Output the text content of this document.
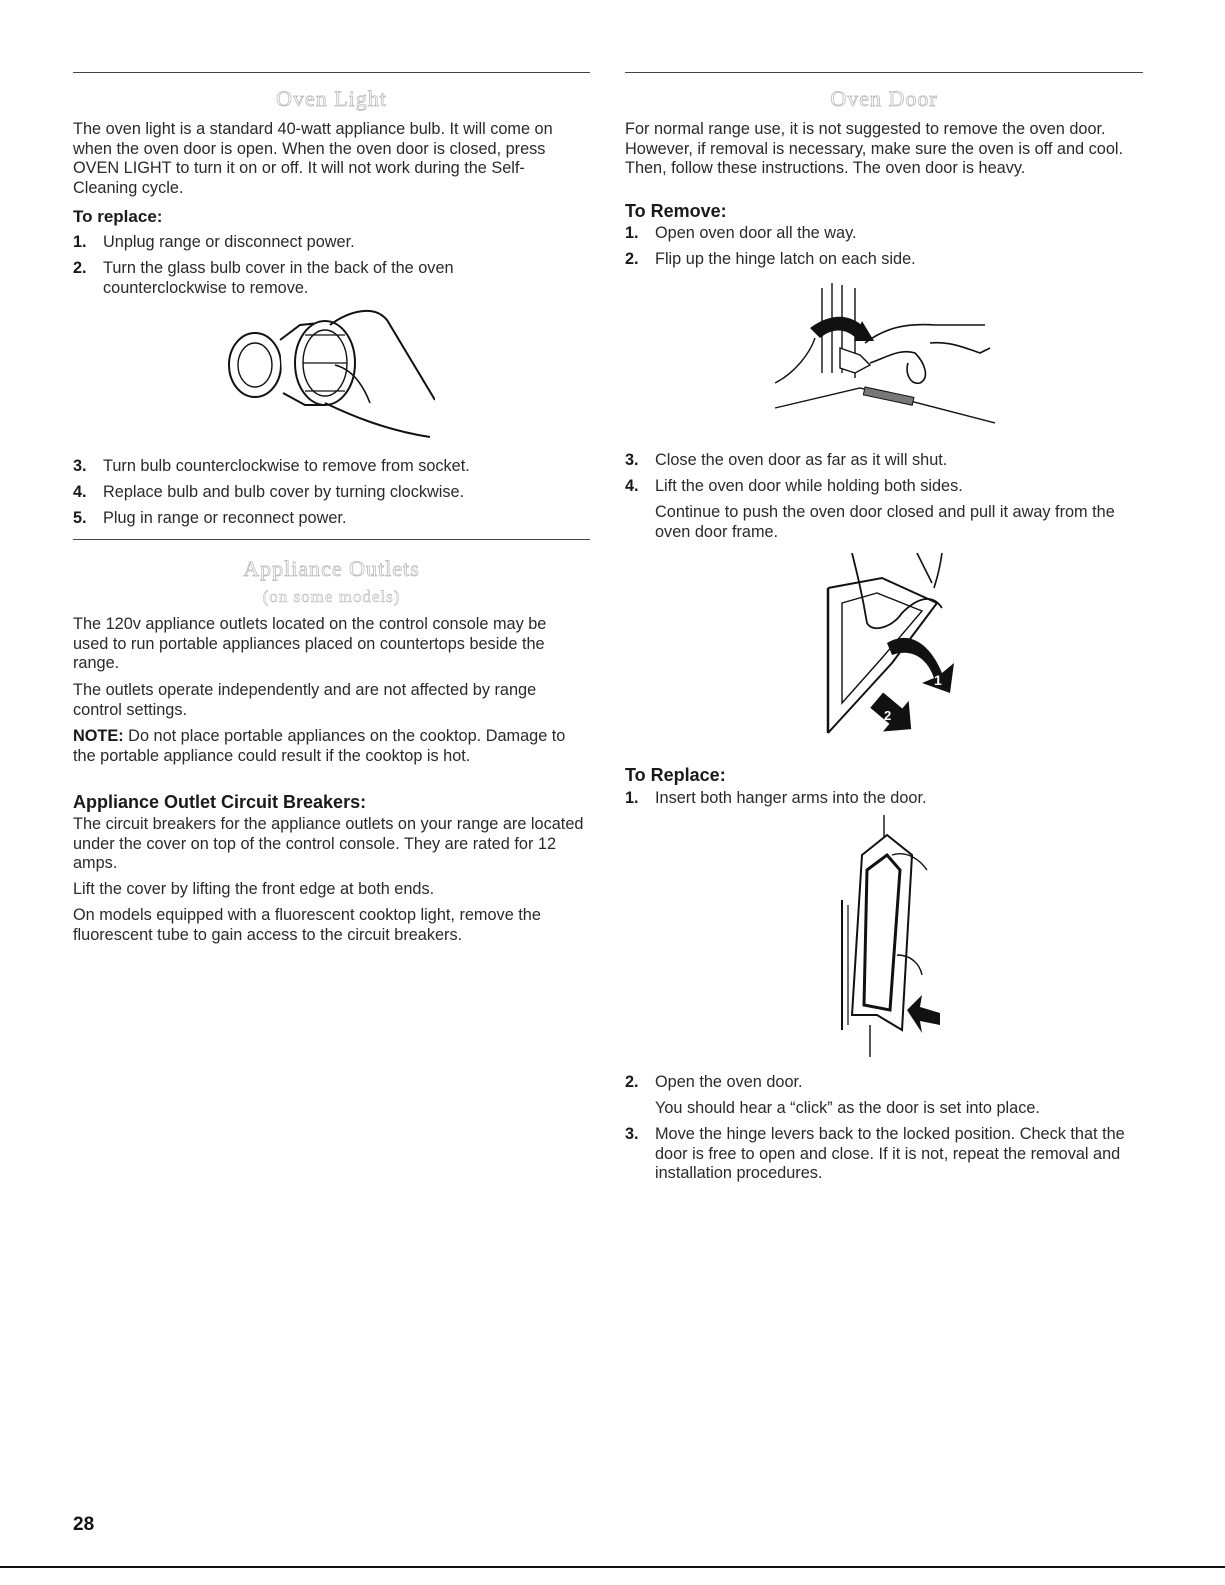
Oven Light
The oven light is a standard 40-watt appliance bulb. It will come on when the oven door is open. When the oven door is closed, press OVEN LIGHT to turn it on or off. It will not work during the Self-Cleaning cycle.
To replace:
1. Unplug range or disconnect power.
2. Turn the glass bulb cover in the back of the oven counterclockwise to remove.
3. Turn bulb counterclockwise to remove from socket.
4. Replace bulb and bulb cover by turning clockwise.
5. Plug in range or reconnect power.
Appliance Outlets
(on some models)
The 120v appliance outlets located on the control console may be used to run portable appliances placed on countertops beside the range.
The outlets operate independently and are not affected by range control settings.
NOTE: Do not place portable appliances on the cooktop. Damage to the portable appliance could result if the cooktop is hot.
Appliance Outlet Circuit Breakers:
The circuit breakers for the appliance outlets on your range are located under the cover on top of the control console. They are rated for 12 amps.
Lift the cover by lifting the front edge at both ends.
On models equipped with a fluorescent cooktop light, remove the fluorescent tube to gain access to the circuit breakers.
Oven Door
For normal range use, it is not suggested to remove the oven door. However, if removal is necessary, make sure the oven is off and cool. Then, follow these instructions. The oven door is heavy.
To Remove:
1. Open oven door all the way.
2. Flip up the hinge latch on each side.
3. Close the oven door as far as it will shut.
4. Lift the oven door while holding both sides.
Continue to push the oven door closed and pull it away from the oven door frame.
1
2
To Replace:
1. Insert both hanger arms into the door.
2. Open the oven door.
You should hear a “click” as the door is set into place.
3. Move the hinge levers back to the locked position. Check that the door is free to open and close. If it is not, repeat the removal and installation procedures.
28
